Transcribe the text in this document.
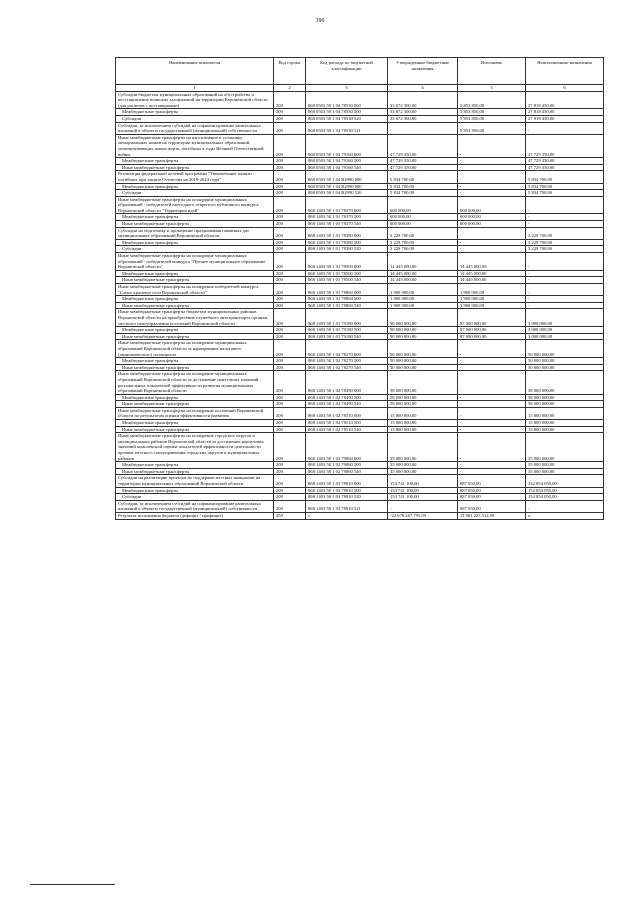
396
Наименование показателя	Код строки	Код расхода по бюджетной классификации	Утвержденные бюджетные назначения	Исполнено	Неисполненные назначения
1	2	3	4	5	6
Субсидии бюджетам муниципальных образований на обустройство и восстановление воинских захоронений на территории Воронежской области (для расчетов с поставщиками)	200	868 0503 58 1 04 78530 000	33 672 300,00	5 853 850,00	27 818 450,00
Межбюджетные трансферты	200	868 0503 58 1 04 78530 500	33 672 300,00	5 853 850,00	27 818 450,00
Субсидии	200	868 0503 58 1 04 78530 520	33 672 300,00	5 853 850,00	27 818 450,00
Субсидии, за исключением субсидий на софинансирование капитальных вложений в объекты государственной (муниципальной) собственности	200	868 0503 58 1 04 78530 521	-	5 853 850,00	-
Иные межбюджетные трансферты на изготовление и установку мемориальных знаков на территории муниципальных образований, увековечивающих имена жертв, погибших в годы Великой Отечественной войны	200	868 0503 58 1 04 79160 000	47 729 350,00	-	47 729 350,00
Межбюджетные трансферты	200	868 0503 58 1 04 79160 500	47 729 350,00	-	47 729 350,00
Иные межбюджетные трансферты	200	868 0503 58 1 04 79160 540	47 729 350,00	-	47 729 350,00
Реализация федеральной целевой программы "Увековечение памяти погибших при защите Отечества на 2019-2024 годы"	200	868 0503 58 1 04 R2990 000	5 834 700,00	-	5 834 700,00
Межбюджетные трансферты	200	868 0503 58 1 04 R2990 500	5 834 700,00	-	5 834 700,00
Субсидии	200	868 0503 58 1 04 R2990 520	5 834 700,00	-	5 834 700,00
Иные межбюджетные трансферты на поощрение муниципальных образований - победителей ежегодного открытого публичного конкурса Воронежской области "Территория идей"	200	868 1403 58 1 01 78370 000	600 000,00	600 000,00	-
Межбюджетные трансферты	200	868 1403 58 1 01 78370 500	600 000,00	600 000,00	-
Иные межбюджетные трансферты	200	868 1403 58 1 01 78370 540	600 000,00	600 000,00	-
Субсидии на подготовку и проведение празднования памятных дат муниципальных образований Воронежской области	200	868 1403 58 1 01 78380 000	3 229 700,00	-	3 229 700,00
Межбюджетные трансферты	200	868 1403 58 1 01 78380 500	3 229 700,00	-	3 229 700,00
Субсидии	200	868 1403 58 1 01 78380 520	3 229 700,00	-	3 229 700,00
Иные межбюджетные трансферты на поощрение муниципальных образований - победителей конкурса "Лучшее муниципальное образование Воронежской области"	200	868 1403 58 1 01 78500 000	14 445 000,00	14 445 000,00	-
Межбюджетные трансферты	200	868 1403 58 1 01 78500 500	14 445 000,00	14 445 000,00	-
Иные межбюджетные трансферты	200	868 1403 58 1 01 78500 540	14 445 000,00	14 445 000,00	-
Иные межбюджетные трансферты на поощрение победителей конкурса "Самое красивое село Воронежской области"	200	868 1403 58 1 01 78860 000	1 900 000,00	1 900 000,00	-
Межбюджетные трансферты	200	868 1403 58 1 01 78860 500	1 900 000,00	1 900 000,00	-
Иные межбюджетные трансферты	200	868 1403 58 1 01 78860 540	1 900 000,00	1 900 000,00	-
Иные межбюджетные трансферты бюджетам муниципальных районов Воронежской области на приобретение служебного автотранспорта органам местного самоуправления поселений Воронежской области	200	868 1403 58 1 01 79180 000	90 000 000,00	87 000 000,00	3 000 000,00
Межбюджетные трансферты	200	868 1403 58 1 01 79180 500	90 000 000,00	87 000 000,00	3 000 000,00
Иные межбюджетные трансферты	200	868 1403 58 1 01 79180 540	90 000 000,00	87 000 000,00	3 000 000,00
Иные межбюджетные трансферты на поощрение муниципальных образований Воронежской области за наращивание налогового (экономического) потенциала	200	868 1403 58 1 02 78270 000	50 000 000,00	-	50 000 000,00
Межбюджетные трансферты	200	868 1403 58 1 02 78270 500	50 000 000,00	-	50 000 000,00
Иные межбюджетные трансферты	200	868 1403 58 1 02 78270 540	50 000 000,00	-	50 000 000,00
Иные межбюджетные трансферты на поощрение муниципальных образований Воронежской области за достижение наилучших значений региональных показателей эффективности развития муниципальных образований Воронежской области	200	868 1403 58 1 02 78490 000	58 000 000,00	-	58 000 000,00
Межбюджетные трансферты	200	868 1403 58 1 02 78490 500	58 000 000,00	-	58 000 000,00
Иные межбюджетные трансферты	200	868 1403 58 1 02 78490 540	58 000 000,00	-	58 000 000,00
Иные межбюджетные трансферты на поощрение поселений Воронежской области по результатам оценки эффективности развития	200	868 1403 58 1 02 78510 000	15 800 000,00	-	15 800 000,00
Межбюджетные трансферты	200	868 1403 58 1 02 78510 500	15 800 000,00	-	15 800 000,00
Иные межбюджетные трансферты	200	868 1403 58 1 02 78510 540	15 800 000,00	-	15 800 000,00
Иные межбюджетные трансферты на поощрение городских округов и муниципальных районов Воронежской области за достижение наилучших значений комплексной оценки показателей эффективности деятельности органов местного самоуправления городских округов и муниципальных районов	200	868 1403 58 1 02 79060 000	35 000 000,00	-	35 000 000,00
Межбюджетные трансферты	200	868 1403 58 1 02 79060 500	35 000 000,00	-	35 000 000,00
Иные межбюджетные трансферты	200	868 1403 58 1 02 79060 540	35 000 000,00	-	35 000 000,00
Субсидии на реализацию проектов по поддержке местных инициатив на территории муниципальных образований Воронежской области	200	868 1403 58 1 03 78910 000	153 741 100,00	887 050,00	152 854 050,00
Межбюджетные трансферты	200	868 1403 58 1 03 78910 500	153 741 100,00	887 050,00	152 854 050,00
Субсидии	200	868 1403 58 1 03 78910 520	153 741 100,00	887 050,00	152 854 050,00
Субсидии, за исключением субсидий на софинансирование капитальных вложений в объекты государственной (муниципальной) собственности	200	868 1403 58 1 03 78910 521	-	887 050,00	-
Результат исполнения бюджета (дефицит / профицит)	450	x	-22 676 267 795,59	11 963 225 512,59	x
